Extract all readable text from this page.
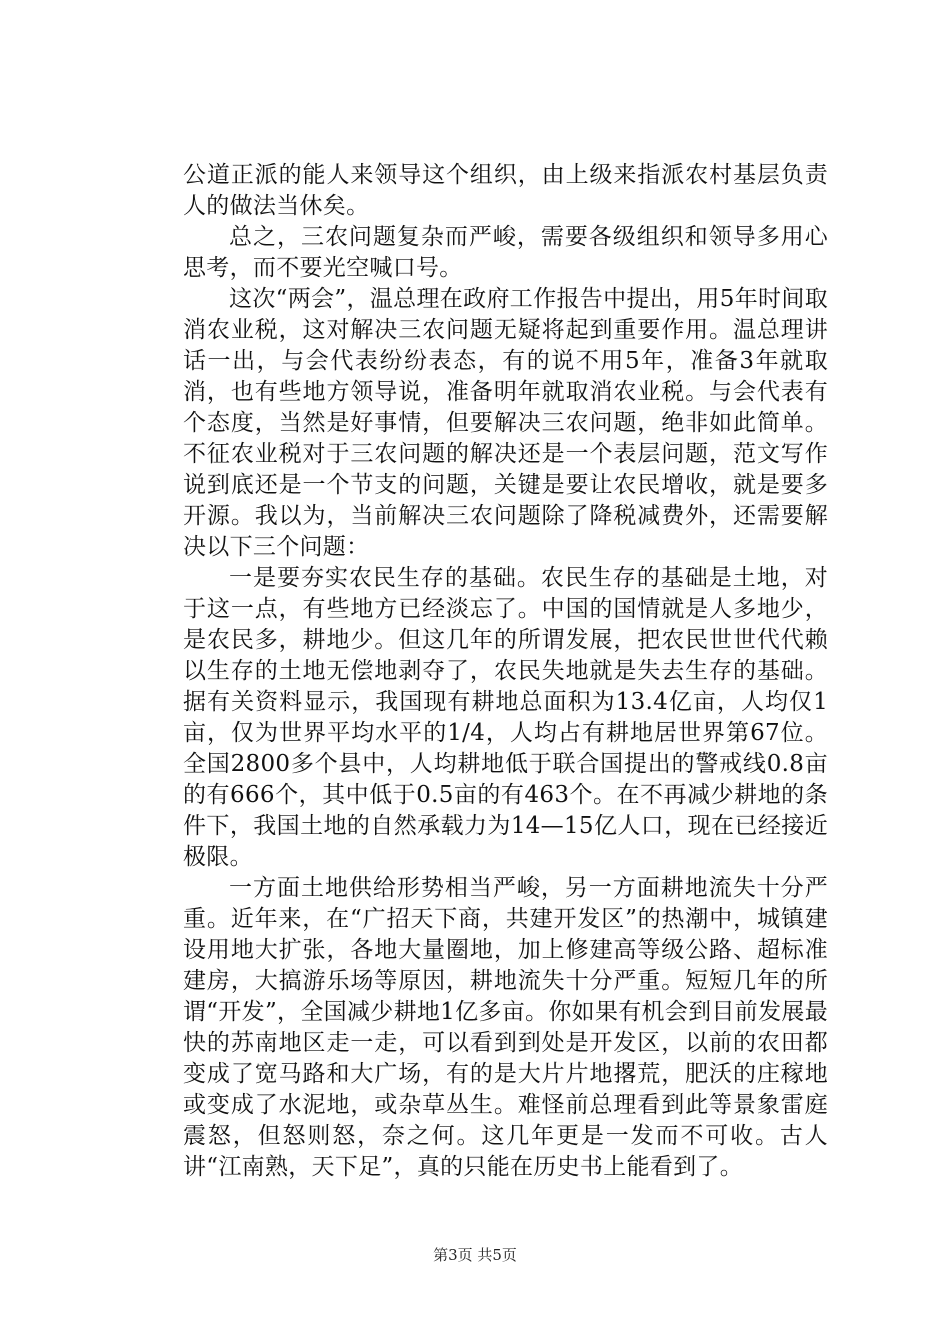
公道正派的能人来领导这个组织，由上级来指派农村基层负责人的做法当休矣。

总之，三农问题复杂而严峻，需要各级组织和领导多用心思考，而不要光空喊口号。

这次“两会”，温总理在政府工作报告中提出，用5年时间取消农业税，这对解决三农问题无疑将起到重要作用。温总理讲话一出，与会代表纷纷表态，有的说不用5年，准备3年就取消，也有些地方领导说，准备明年就取消农业税。与会代表有个态度，当然是好事情，但要解决三农问题，绝非如此简单。不征农业税对于三农问题的解决还是一个表层问题，范文写作说到底还是一个节支的问题，关键是要让农民增收，就是要多开源。我以为，当前解决三农问题除了降税减费外，还需要解决以下三个问题：

一是要夯实农民生存的基础。农民生存的基础是土地，对于这一点，有些地方已经淡忘了。中国的国情就是人多地少，是农民多，耕地少。但这几年的所谓发展，把农民世世代代赖以生存的土地无偿地剥夺了，农民失地就是失去生存的基础。据有关资料显示，我国现有耕地总面积为13.4亿亩，人均仅1亩，仅为世界平均水平的1/4，人均占有耕地居世界第67位。全国2800多个县中，人均耕地低于联合国提出的警戒线0.8亩的有666个，其中低于0.5亩的有463个。在不再减少耕地的条件下，我国土地的自然承载力为14—15亿人口，现在已经接近极限。

一方面土地供给形势相当严峻，另一方面耕地流失十分严重。近年来，在“广招天下商，共建开发区”的热潮中，城镇建设用地大扩张，各地大量圈地，加上修建高等级公路、超标准建房，大搞游乐场等原因，耕地流失十分严重。短短几年的所谓“开发”，全国减少耕地1亿多亩。你如果有机会到目前发展最快的苏南地区走一走，可以看到到处是开发区，以前的农田都变成了宽马路和大广场，有的是大片片地撂荒，肥沃的庄稼地或变成了水泥地，或杂草丛生。难怪前总理看到此等景象雷庭震怒，但怒则怒，奈之何。这几年更是一发而不可收。古人讲“江南熟，天下足”，真的只能在历史书上能看到了。

第3页 共5页
